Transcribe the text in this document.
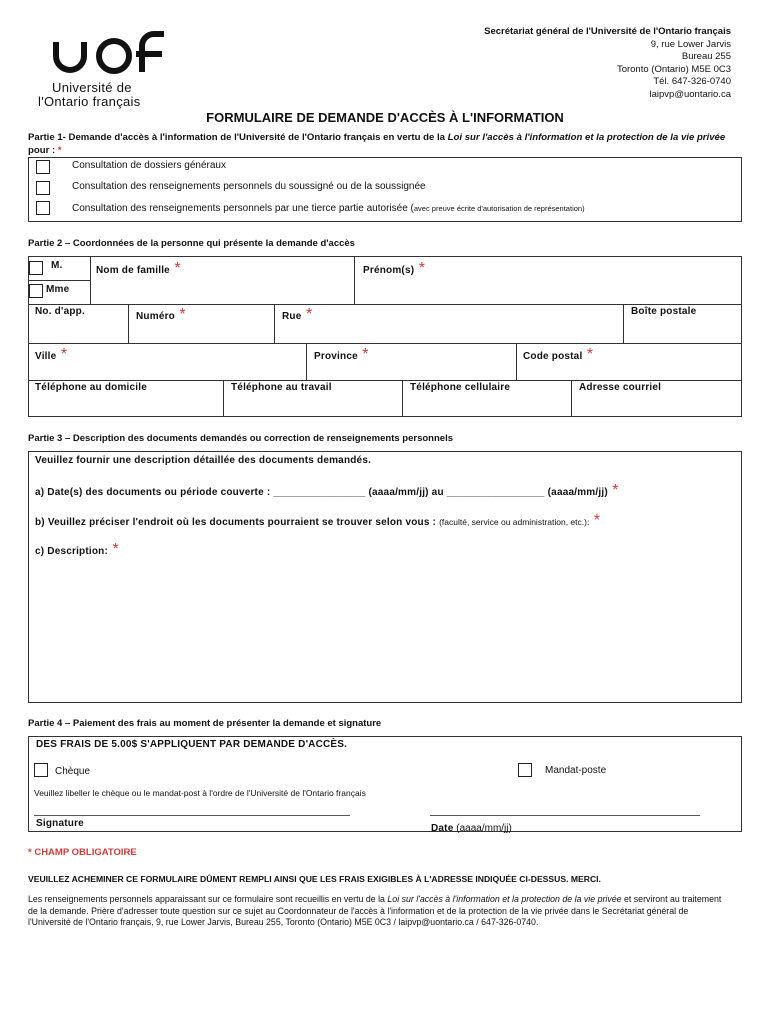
Université de
l'Ontario français
Secrétariat général de l'Université de l'Ontario français
9, rue Lower Jarvis
Bureau 255
Toronto (Ontario) M5E 0C3
Tél. 647-326-0740
laipvp@uontario.ca
FORMULAIRE DE DEMANDE D'ACCÈS À L'INFORMATION
Partie 1- Demande d'accès à l'information de l'Université de l'Ontario français en vertu de la Loi sur l'accès à l'information et la protection de la vie privée pour : *
Consultation de dossiers généraux
Consultation des renseignements personnels du soussigné ou de la soussignée
Consultation des renseignements personnels par une tierce partie autorisée (avec preuve écrite d'autorisation de représentation)
Partie 2 – Coordonnées de la personne qui présente la demande d'accès
M.
Mme
Nom de famille *	Prénom(s) *
No. d'app.	Numéro *	Rue *	Boîte postale
Ville *	Province *	Code postal *
Téléphone au domicile	Téléphone au travail	Téléphone cellulaire	Adresse courriel
Partie 3 – Description des documents demandés ou correction de renseignements personnels
Veuillez fournir une description détaillée des documents demandés.
a) Date(s) des documents ou période couverte : ________________ (aaaa/mm/jj) au _________________ (aaaa/mm/jj) *
b) Veuillez préciser l'endroit où les documents pourraient se trouver selon vous : (faculté, service ou administration, etc.): *
c) Description: *
Partie 4 – Paiement des frais au moment de présenter la demande et signature
DES FRAIS DE 5.00$ S'APPLIQUENT PAR DEMANDE D'ACCÈS.
Chèque	Mandat-poste
Veuillez libeller le chèque ou le mandat-post à l'ordre de l'Université de l'Ontario français
Signature	Date (aaaa/mm/jj)
* CHAMP OBLIGATOIRE
VEUILLEZ ACHEMINER CE FORMULAIRE DÛMENT REMPLI AINSI QUE LES FRAIS EXIGIBLES À L'ADRESSE INDIQUÉE CI-DESSUS. MERCI.
Les renseignements personnels apparaissant sur ce formulaire sont recueillis en vertu de la Loi sur l'accès à l'information et la protection de la vie privée et serviront au traitement de la demande. Prière d'adresser toute question sur ce sujet au Coordonnateur de l'accès à l'information et de la protection de la vie privée dans le Secrétariat général de l'Université de l'Ontario français, 9, rue Lower Jarvis, Bureau 255, Toronto (Ontario) M5E 0C3 / laipvp@uontario.ca / 647-326-0740.
